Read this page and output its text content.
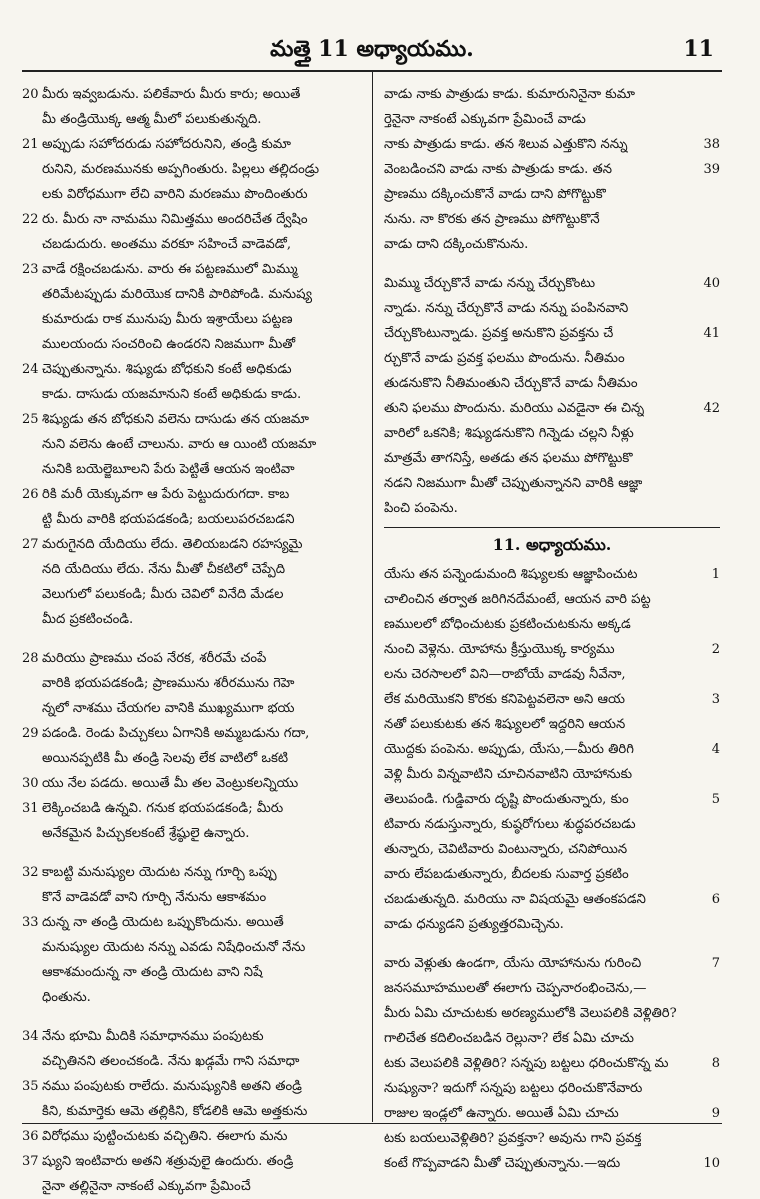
మత్తై 11 అధ్యాయము.	11
20 మీరు ఇవ్వబడును. పలికేవారు మీరు కారు; అయితే
మీ తండ్రియొక్క ఆత్మ మీలో పలుకుతున్నది.
21 అప్పుడు సహోదరుడు సహోదరునిని, తండ్రి కుమా
రునిని, మరణమునకు అప్పగింతురు. పిల్లలు తల్లిదండ్రు
లకు విరోధముగా లేచి వారిని మరణము పొందింతురు
22 రు. మీరు నా నామము నిమిత్తము అందరిచేత ద్వేషిం
చబడుదురు. అంతము వరకూ సహించే వాడెవడో,
23 వాడే రక్షించబడును. వారు ఈ పట్టణములో మిమ్ము
తరిమేటప్పుడు మరియొక దానికి పారిపోండి. మనుష్య
కుమారుడు రాక మునుపు మీరు ఇశ్రాయేలు పట్టణ
ములయందు సంచరించి ఉండరని నిజముగా మీతో
24 చెప్పుతున్నాను. శిష్యుడు బోధకుని కంటే అధికుడు
కాడు. దాసుడు యజమానుని కంటే అధికుడు కాడు.
25 శిష్యుడు తన బోధకుని వలెను దాసుడు తన యజమా
నుని వలెను ఉంటే చాలును. వారు ఆ యింటి యజమా
నునికి బయెల్జెబూలని పేరు పెట్టితే ఆయన ఇంటివా
26 రికి మరీ యెక్కువగా ఆ పేరు పెట్టుదురుగదా. కాబ
ట్టి మీరు వారికి భయపడకండి; బయలుపరచబడని
27 మరుగైనది యేదియు లేదు. తెలియబడని రహస్యమై
నది యేదియు లేదు. నేను మీతో చీకటిలో చెప్పేది
వెలుగులో పలుకండి; మీరు చెవిలో వినేది మేడల
మీద ప్రకటించండి.
28 మరియు ప్రాణము చంప నేరక, శరీరమే చంపే
వారికి భయపడకండి; ప్రాణమును శరీరమును గెహె
న్నలో నాశము చేయగల వానికి ముఖ్యముగా భయ
29 పడండి. రెండు పిచ్చుకలు ఏగానికి అమ్మబడును గదా,
అయినప్పటికి మీ తండ్రి సెలవు లేక వాటిలో ఒకటి
30 యు నేల పడదు. అయితే మీ తల వెంట్రుకలన్నియు
31 లెక్కించబడి ఉన్నవి. గనుక భయపడకండి; మీరు
అనేకమైన పిచ్చుకలకంటే శ్రేష్ఠులై ఉన్నారు.
32 కాబట్టి మనుష్యుల యెదుట నన్ను గూర్చి ఒప్పు
కొనే వాడెవడో వాని గూర్చి నేనును ఆకాశమం
33 దున్న నా తండ్రి యెదుట ఒప్పుకొందును. అయితే
మనుష్యుల యెదుట నన్ను ఎవడు నిషేధించునో నేను
ఆకాశమందున్న నా తండ్రి యెదుట వాని నిషే
ధింతును.
34 నేను భూమి మీదికి సమాధానము పంపుటకు
వచ్చితినని తలంచకండి. నేను ఖడ్గమే గాని సమాధా
35 నము పంపుటకు రాలేదు. మనుష్యునికి అతని తండ్రి
కిని, కుమార్తెకు ఆమె తల్లికిని, కోడలికి ఆమె అత్తకును
36 విరోధము పుట్టించుటకు వచ్చితిని. ఈలాగు మను
37 ష్యుని ఇంటివారు అతని శత్రువులై ఉందురు. తండ్రి
నైనా తల్లినైనా నాకంటే ఎక్కువగా ప్రేమించే
వాడు నాకు పాత్రుడు కాడు. కుమారునినైనా కుమా
ర్తెనైనా నాకంటే ఎక్కువగా ప్రేమించే వాడు
38
నాకు పాత్రుడు కాడు. తన శిలువ ఎత్తుకొని నన్ను
39
వెంబడించని వాడు నాకు పాత్రుడు కాడు. తన
ప్రాణము దక్కించుకొనే వాడు దాని పోగొట్టుకొ
నును. నా కొరకు తన ప్రాణము పోగొట్టుకొనే
వాడు దాని దక్కించుకొనును.
40
మిమ్ము చేర్చుకొనే వాడు నన్ను చేర్చుకొంటు
న్నాడు. నన్ను చేర్చుకొనే వాడు నన్ను పంపినవాని
41
చేర్చుకొంటున్నాడు. ప్రవక్త అనుకొని ప్రవక్తను చే
ర్చుకొనే వాడు ప్రవక్త ఫలము పొందును. నీతిమం
తుడనుకొని నీతిమంతుని చేర్చుకొనే వాడు నీతిమం
42
తుని ఫలము పొందును. మరియు ఎవడైనా ఈ చిన్న
వారిలో ఒకనికి; శిష్యుడనుకొని గిన్నెడు చల్లని నీళ్లు
మాత్రమే తాగనిస్తే, అతడు తన ఫలము పోగొట్టుకొ
నడని నిజముగా మీతో చెప్పుతున్నానని వారికి ఆజ్ఞా
పించి పంపెను.
11. అధ్యాయము.
1
యేసు తన పన్నెండుమంది శిష్యులకు ఆజ్ఞాపించుట
చాలించిన తర్వాత జరిగినదేమంటే, ఆయన వారి పట్ట
ణములలో బోధించుటకు ప్రకటించుటకును అక్కడ
2
నుంచి వెళ్లెను. యోహాను క్రీస్తుయొక్క కార్యము
లను చెరసాలలో విని—రాబోయే వాడవు నీవేనా,
3
లేక మరియొకని కొరకు కనిపెట్టవలెనా అని ఆయ
నతో పలుకుటకు తన శిష్యులలో ఇద్దరిని ఆయన
4
యొద్దకు పంపెను. అప్పుడు, యేసు,—మీరు తిరిగి
వెళ్లి మీరు విన్నవాటిని చూచినవాటిని యోహానుకు
5
తెలుపండి. గుడ్డివారు దృష్టి పొందుతున్నారు, కుం
టివారు నడుస్తున్నారు, కుష్ఠరోగులు శుద్ధపరచబడు
తున్నారు, చెవిటివారు వింటున్నారు, చనిపోయిన
వారు లేపబడుతున్నారు, బీదలకు సువార్త ప్రకటిం
6
చబడుతున్నది. మరియు నా విషయమై ఆతంకపడని
వాడు ధన్యుడని ప్రత్యుత్తరమిచ్చెను.
7
వారు వెళ్లుతు ఉండగా, యేసు యోహానును గురించి
జనసమూహములతో ఈలాగు చెప్పనారంభించెను,—
మీరు ఏమి చూచుటకు అరణ్యములోకి వెలుపలికి వెళ్లితిరి?
గాలిచేత కదిలించబడిన రెల్లునా? లేక ఏమి చూచు
8
టకు వెలుపలికి వెళ్లితిరి? సన్నపు బట్టలు ధరించుకొన్న మ
నుష్యునా? ఇదుగో సన్నపు బట్టలు ధరించుకొనేవారు
9
రాజుల ఇండ్లలో ఉన్నారు. అయితే ఏమి చూచు
టకు బయలువెళ్లితిరి? ప్రవక్తనా? అవును గాని ప్రవక్త
10
కంటే గొప్పవాడని మీతో చెప్పుతున్నాను.—ఇదు
